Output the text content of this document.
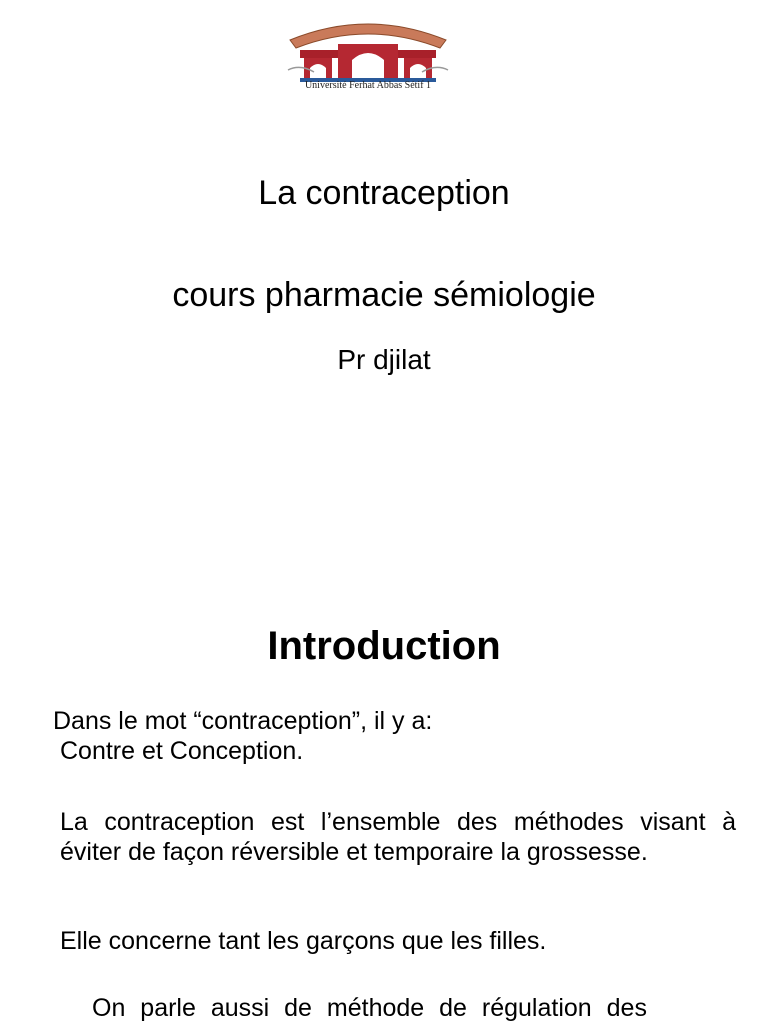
Université Ferhat Abbas Sétif 1
La contraception
cours pharmacie sémiologie
Pr djilat
Introduction
Dans le mot “contraception”, il y a:
Contre et Conception.
La contraception est l’ensemble des méthodes visant à éviter de façon réversible et temporaire la grossesse.
Elle concerne tant les garçons que les filles.
On parle aussi de méthode de régulation des
